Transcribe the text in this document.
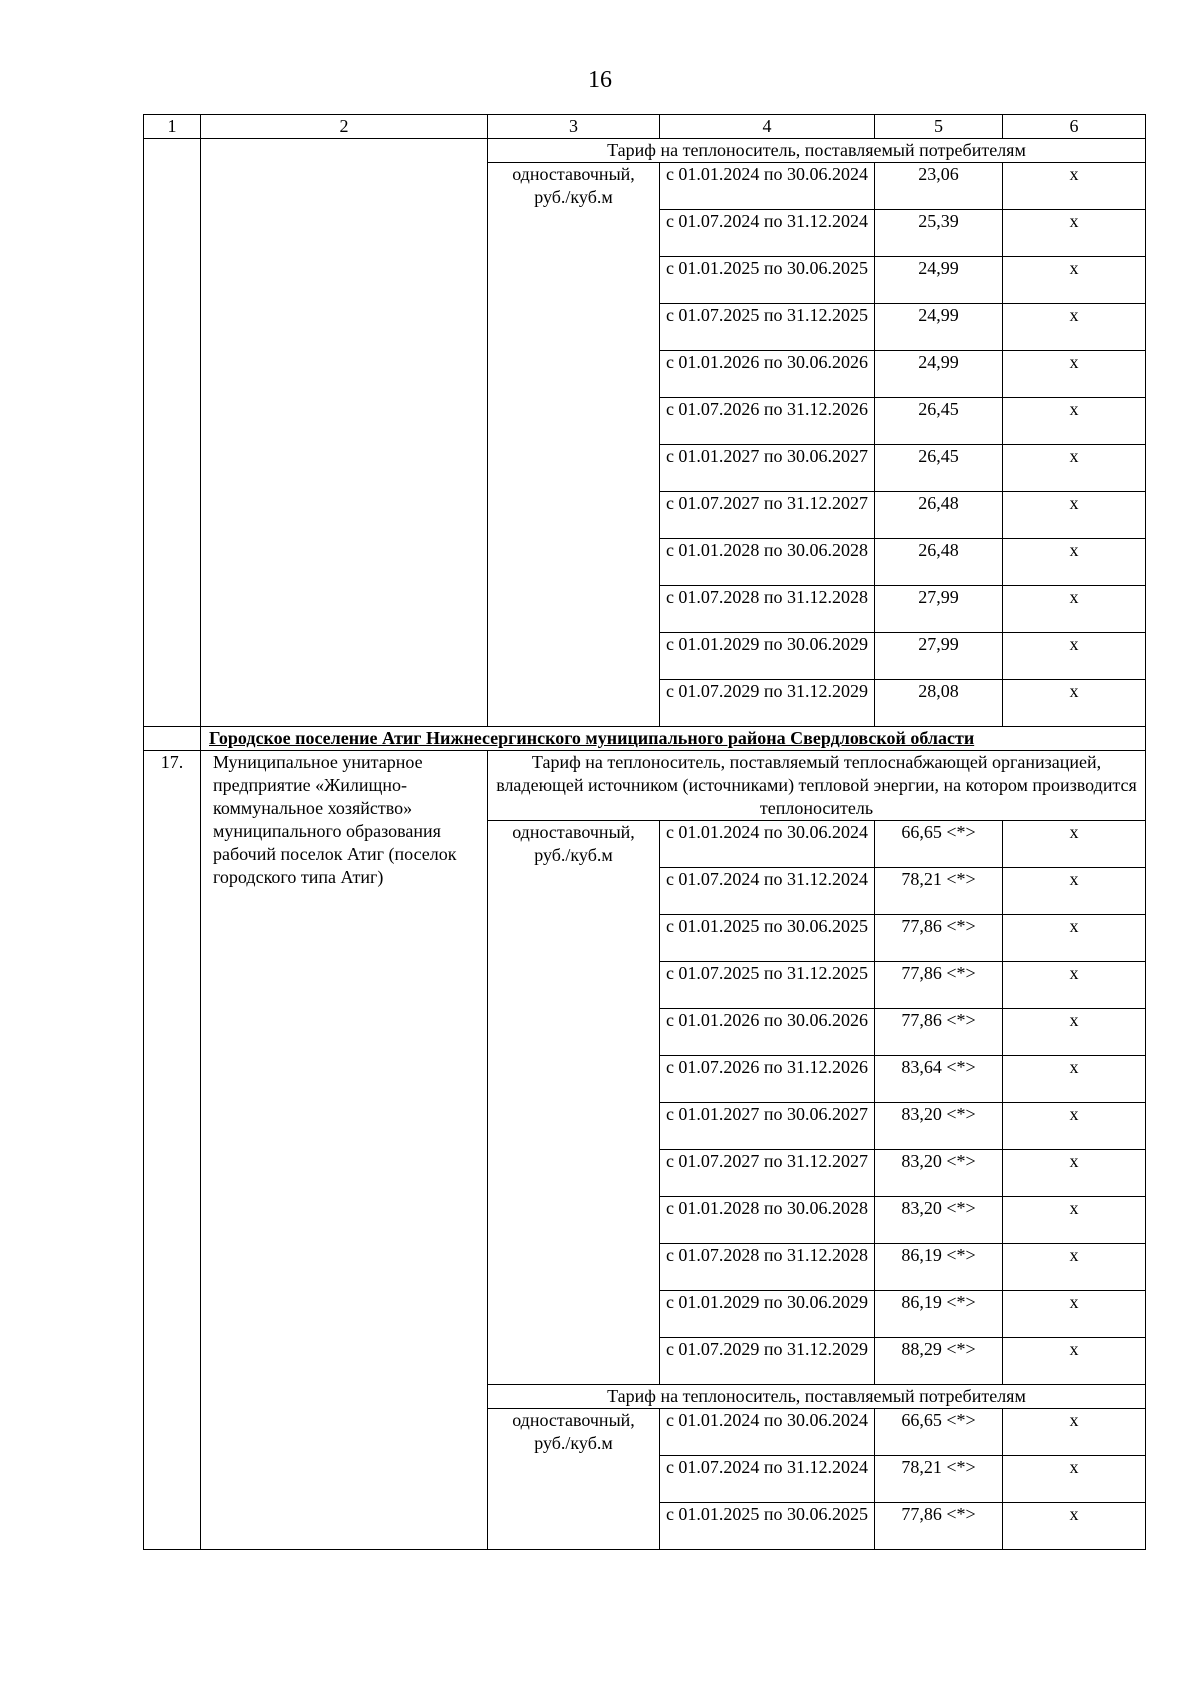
16
1	2	3	4	5	6
		Тариф на теплоноситель, поставляемый потребителям			
		одноставочный, руб./куб.м	с 01.01.2024 по 30.06.2024	23,06	х
			с 01.07.2024 по 31.12.2024	25,39	х
			с 01.01.2025 по 30.06.2025	24,99	х
			с 01.07.2025 по 31.12.2025	24,99	х
			с 01.01.2026 по 30.06.2026	24,99	х
			с 01.07.2026 по 31.12.2026	26,45	х
			с 01.01.2027 по 30.06.2027	26,45	х
			с 01.07.2027 по 31.12.2027	26,48	х
			с 01.01.2028 по 30.06.2028	26,48	х
			с 01.07.2028 по 31.12.2028	27,99	х
			с 01.01.2029 по 30.06.2029	27,99	х
			с 01.07.2029 по 31.12.2029	28,08	х
	Городское поселение Атиг Нижнесергинского муниципального района Свердловской области				
17.	Муниципальное унитарное предприятие «Жилищно-коммунальное хозяйство» муниципального образования рабочий поселок Атиг (поселок городского типа Атиг)	Тариф на теплоноситель, поставляемый теплоснабжающей организацией, владеющей источником (источниками) тепловой энергии, на котором производится теплоноситель			
		одноставочный, руб./куб.м	с 01.01.2024 по 30.06.2024	66,65 <*>	х
			с 01.07.2024 по 31.12.2024	78,21 <*>	х
			с 01.01.2025 по 30.06.2025	77,86 <*>	х
			с 01.07.2025 по 31.12.2025	77,86 <*>	х
			с 01.01.2026 по 30.06.2026	77,86 <*>	х
			с 01.07.2026 по 31.12.2026	83,64 <*>	х
			с 01.01.2027 по 30.06.2027	83,20 <*>	х
			с 01.07.2027 по 31.12.2027	83,20 <*>	х
			с 01.01.2028 по 30.06.2028	83,20 <*>	х
			с 01.07.2028 по 31.12.2028	86,19 <*>	х
			с 01.01.2029 по 30.06.2029	86,19 <*>	х
			с 01.07.2029 по 31.12.2029	88,29 <*>	х
		Тариф на теплоноситель, поставляемый потребителям			
		одноставочный, руб./куб.м	с 01.01.2024 по 30.06.2024	66,65 <*>	х
			с 01.07.2024 по 31.12.2024	78,21 <*>	х
			с 01.01.2025 по 30.06.2025	77,86 <*>	х
